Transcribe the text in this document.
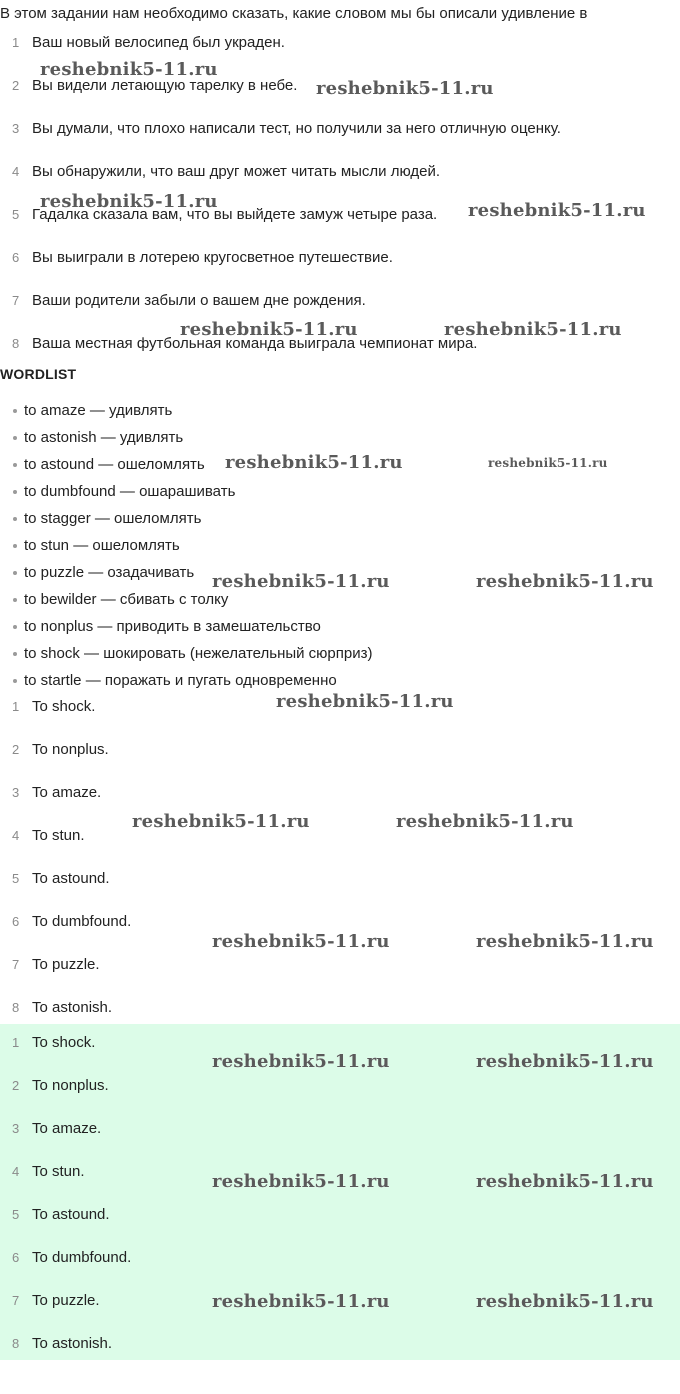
В этом задании нам необходимо сказать, какие словом мы бы описали удивление в
1 Ваш новый велосипед был украден.
2 Вы видели летающую тарелку в небе.
3 Вы думали, что плохо написали тест, но получили за него отличную оценку.
4 Вы обнаружили, что ваш друг может читать мысли людей.
5 Гадалка сказала вам, что вы выйдете замуж четыре раза.
6 Вы выиграли в лотерею кругосветное путешествие.
7 Ваши родители забыли о вашем дне рождения.
8 Ваша местная футбольная команда выиграла чемпионат мира.
WORDLIST
to amaze — удивлять
to astonish — удивлять
to astound — ошеломлять
to dumbfound — ошарашивать
to stagger — ошеломлять
to stun — ошеломлять
to puzzle — озадачивать
to bewilder — сбивать с толку
to nonplus — приводить в замешательство
to shock — шокировать (нежелательный сюрприз)
to startle — поражать и пугать одновременно
1 To shock.
2 To nonplus.
3 To amaze.
4 To stun.
5 To astound.
6 To dumbfound.
7 To puzzle.
8 To astonish.
1 To shock.
2 To nonplus.
3 To amaze.
4 To stun.
5 To astound.
6 To dumbfound.
7 To puzzle.
8 To astonish.
reshebnik5-11.ru
reshebnik5-11.ru
reshebnik5-11.ru	reshebnik5-11.ru
reshebnik5-11.ru	reshebnik5-11.ru
reshebnik5-11.ru	reshebnik5-11.ru
reshebnik5-11.ru	reshebnik5-11.ru
reshebnik5-11.ru
reshebnik5-11.ru	reshebnik5-11.ru
reshebnik5-11.ru	reshebnik5-11.ru
reshebnik5-11.ru	reshebnik5-11.ru
reshebnik5-11.ru	reshebnik5-11.ru
reshebnik5-11.ru	reshebnik5-11.ru
